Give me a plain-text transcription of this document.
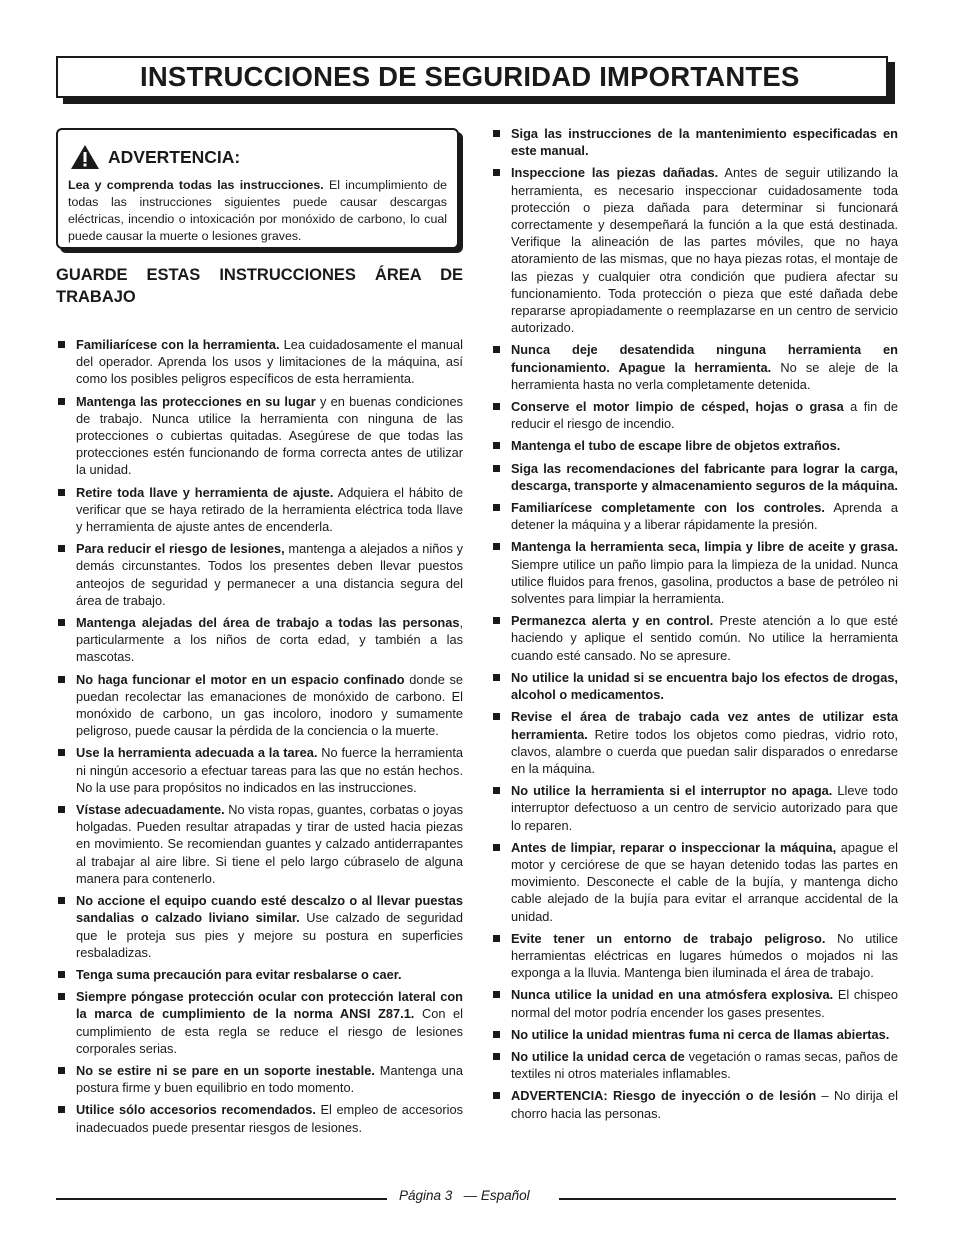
INSTRUCCIONES DE SEGURIDAD IMPORTANTES
ADVERTENCIA:
Lea y comprenda todas las instrucciones. El incumplimiento de todas las instrucciones siguientes puede causar descargas eléctricas, incendio o intoxicación por monóxido de carbono, lo cual puede causar la muerte o lesiones graves.
GUARDE ESTAS INSTRUCCIONES ÁREA DE TRABAJO
Familiarícese con la herramienta. Lea cuidadosamente el manual del operador. Aprenda los usos y limitaciones de la máquina, así como los posibles peligros específicos de esta herramienta.
Mantenga las protecciones en su lugar y en buenas condiciones de trabajo. Nunca utilice la herramienta con ninguna de las protecciones o cubiertas quitadas. Asegúrese de que todas las protecciones estén funcionando de forma correcta antes de utilizar la unidad.
Retire toda llave y herramienta de ajuste. Adquiera el hábito de verificar que se haya retirado de la herramienta eléctrica toda llave y herramienta de ajuste antes de encenderla.
Para reducir el riesgo de lesiones, mantenga a alejados a niños y demás circunstantes. Todos los presentes deben llevar puestos anteojos de seguridad y permanecer a una distancia segura del área de trabajo.
Mantenga alejadas del área de trabajo a todas las personas, particularmente a los niños de corta edad, y también a las mascotas.
No haga funcionar el motor en un espacio confinado donde se puedan recolectar las emanaciones de monóxido de carbono. El monóxido de carbono, un gas incoloro, inodoro y sumamente peligroso, puede causar la pérdida de la conciencia o la muerte.
Use la herramienta adecuada a la tarea. No fuerce la herramienta ni ningún accesorio a efectuar tareas para las que no están hechos. No la use para propósitos no indicados en las instrucciones.
Vístase adecuadamente. No vista ropas, guantes, corbatas o joyas holgadas. Pueden resultar atrapadas y tirar de usted hacia piezas en movimiento. Se recomiendan guantes y calzado antiderrapantes al trabajar al aire libre. Si tiene el pelo largo cúbraselo de alguna manera para contenerlo.
No accione el equipo cuando esté descalzo o al llevar puestas sandalias o calzado liviano similar. Use calzado de seguridad que le proteja sus pies y mejore su postura en superficies resbaladizas.
Tenga suma precaución para evitar resbalarse o caer.
Siempre póngase protección ocular con protección lateral con la marca de cumplimiento de la norma ANSI Z87.1. Con el cumplimiento de esta regla se reduce el riesgo de lesiones corporales serias.
No se estire ni se pare en un soporte inestable. Mantenga una postura firme y buen equilibrio en todo momento.
Utilice sólo accesorios recomendados. El empleo de accesorios inadecuados puede presentar riesgos de lesiones.
Siga las instrucciones de la mantenimiento especificadas en este manual.
Inspeccione las piezas dañadas. Antes de seguir utilizando la herramienta, es necesario inspeccionar cuidadosamente toda protección o pieza dañada para determinar si funcionará correctamente y desempeñará la función a la que está destinada. Verifique la alineación de las partes móviles, que no haya atoramiento de las mismas, que no haya piezas rotas, el montaje de las piezas y cualquier otra condición que pudiera afectar su funcionamiento. Toda protección o pieza que esté dañada debe repararse apropiadamente o reemplazarse en un centro de servicio autorizado.
Nunca deje desatendida ninguna herramienta en funcionamiento. Apague la herramienta. No se aleje de la herramienta hasta no verla completamente detenida.
Conserve el motor limpio de césped, hojas o grasa a fin de reducir el riesgo de incendio.
Mantenga el tubo de escape libre de objetos extraños.
Siga las recomendaciones del fabricante para lograr la carga, descarga, transporte y almacenamiento seguros de la máquina.
Familiarícese completamente con los controles. Aprenda a detener la máquina y a liberar rápidamente la presión.
Mantenga la herramienta seca, limpia y libre de aceite y grasa. Siempre utilice un paño limpio para la limpieza de la unidad. Nunca utilice fluidos para frenos, gasolina, productos a base de petróleo ni solventes para limpiar la herramienta.
Permanezca alerta y en control. Preste atención a lo que esté haciendo y aplique el sentido común. No utilice la herramienta cuando esté cansado. No se apresure.
No utilice la unidad si se encuentra bajo los efectos de drogas, alcohol o medicamentos.
Revise el área de trabajo cada vez antes de utilizar esta herramienta. Retire todos los objetos como piedras, vidrio roto, clavos, alambre o cuerda que puedan salir disparados o enredarse en la máquina.
No utilice la herramienta si el interruptor no apaga. Lleve todo interruptor defectuoso a un centro de servicio autorizado para que lo reparen.
Antes de limpiar, reparar o inspeccionar la máquina, apague el motor y cerciórese de que se hayan detenido todas las partes en movimiento. Desconecte el cable de la bujía, y mantenga dicho cable alejado de la bujía para evitar el arranque accidental de la unidad.
Evite tener un entorno de trabajo peligroso. No utilice herramientas eléctricas en lugares húmedos o mojados ni las exponga a la lluvia. Mantenga bien iluminada el área de trabajo.
Nunca utilice la unidad en una atmósfera explosiva. El chispeo normal del motor podría encender los gases presentes.
No utilice la unidad mientras fuma ni cerca de llamas abiertas.
No utilice la unidad cerca de vegetación o ramas secas, paños de textiles ni otros materiales inflamables.
ADVERTENCIA: Riesgo de inyección o de lesión – No dirija el chorro hacia las personas.
Página 3 — Español
